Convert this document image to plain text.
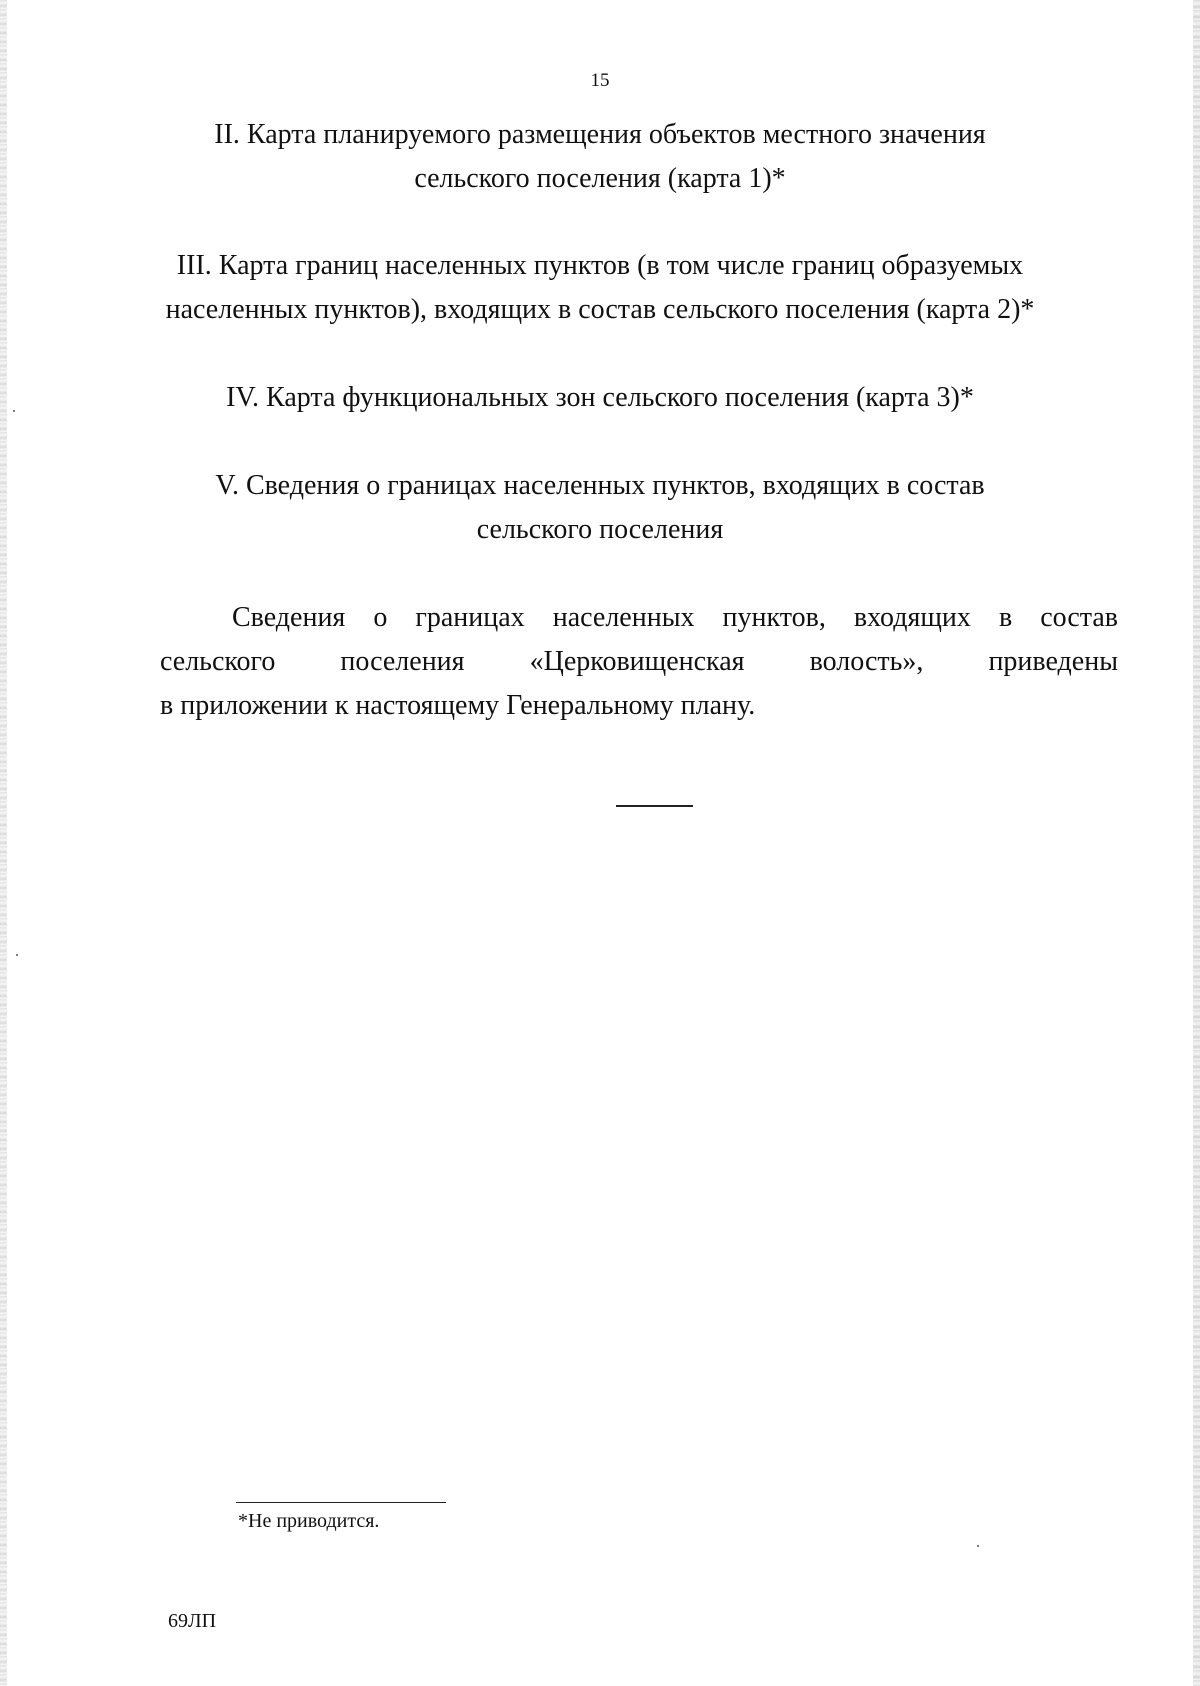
15
II. Карта планируемого размещения объектов местного значения
сельского поселения (карта 1)*
III. Карта границ населенных пунктов (в том числе границ образуемых
населенных пунктов), входящих в состав сельского поселения (карта 2)*
IV. Карта функциональных зон сельского поселения (карта 3)*
V. Сведения о границах населенных пунктов, входящих в состав
сельского поселения
Сведения о границах населенных пунктов, входящих в состав
сельского поселения «Церковищенская волость», приведены
в приложении к настоящему Генеральному плану.
*Не приводится.
69ЛП
